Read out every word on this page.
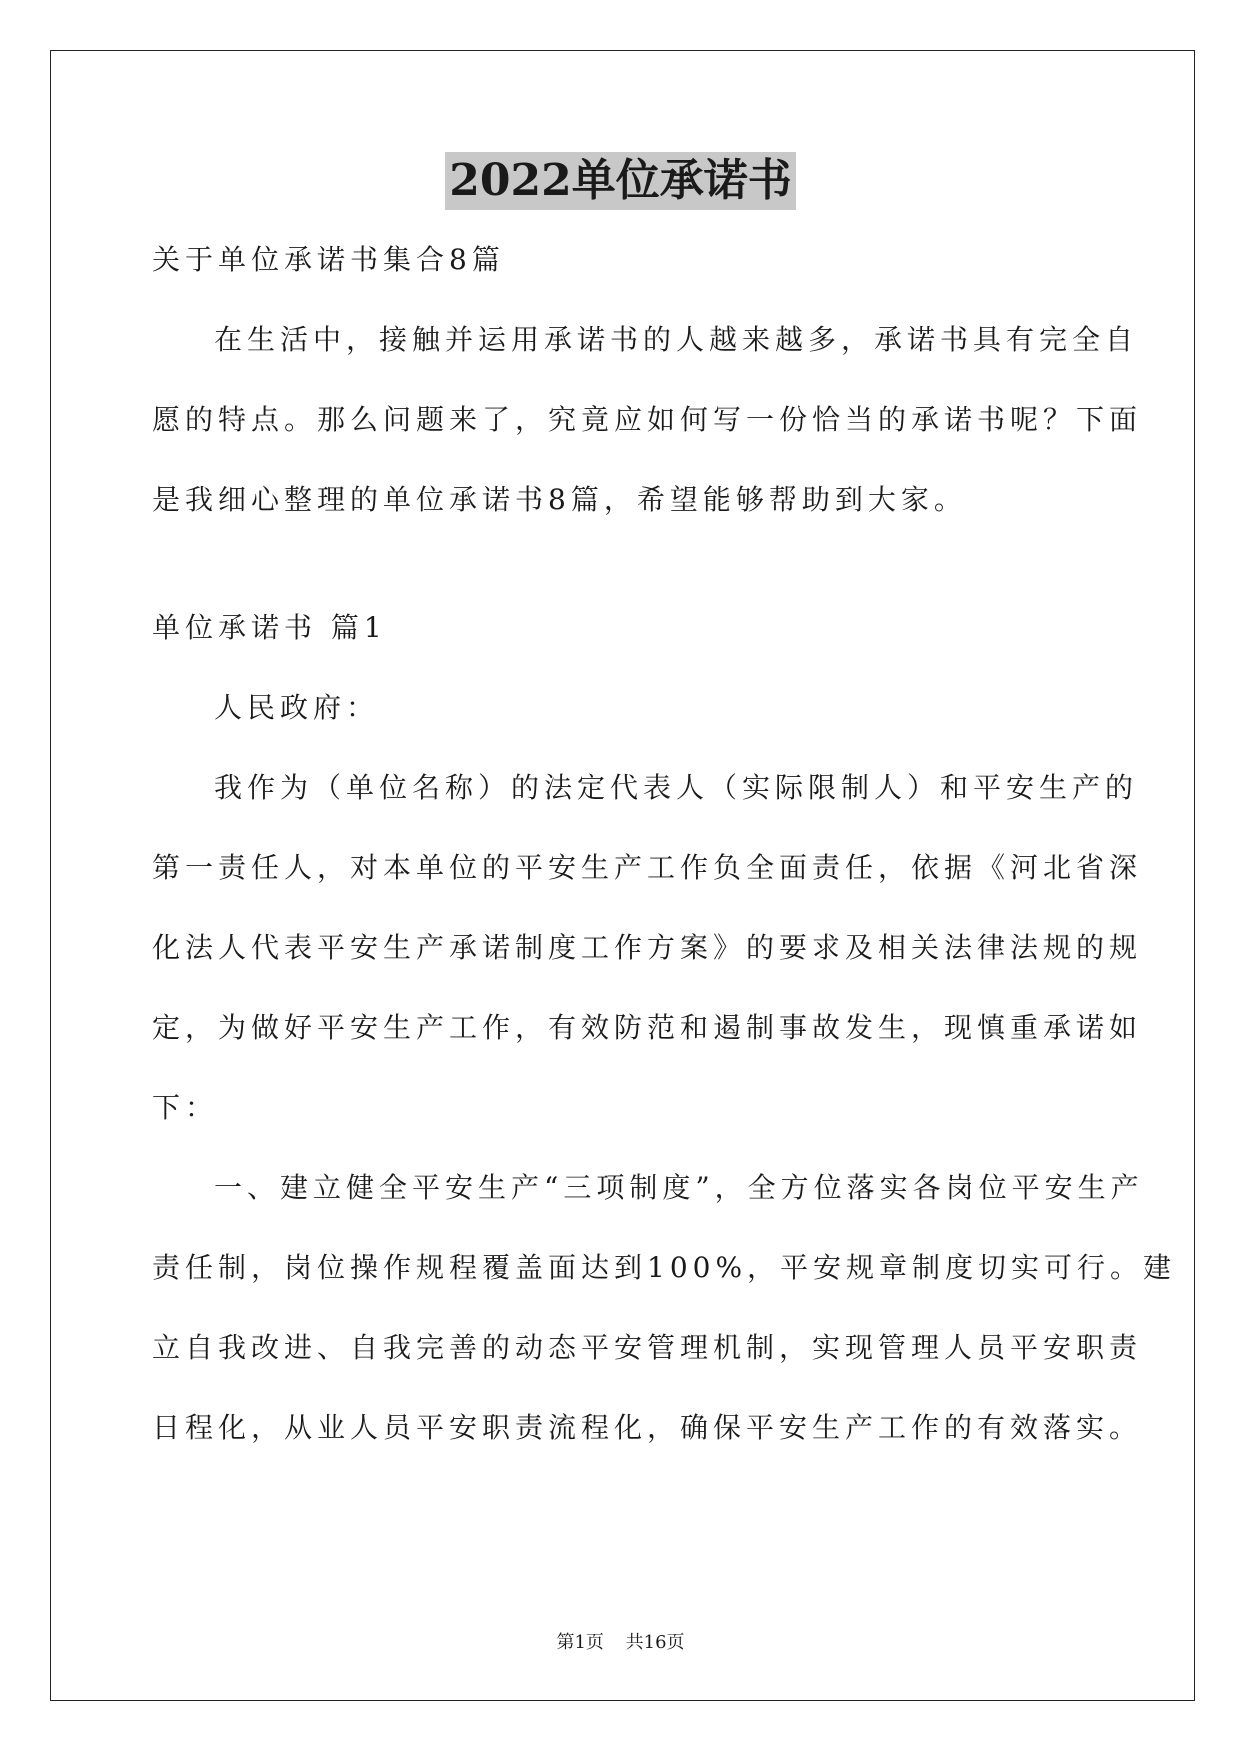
2022单位承诺书
关于单位承诺书集合8篇
在生活中，接触并运用承诺书的人越来越多，承诺书具有完全自
愿的特点。那么问题来了，究竟应如何写一份恰当的承诺书呢？下面
是我细心整理的单位承诺书8篇，希望能够帮助到大家。
单位承诺书 篇1
人民政府：
我作为（单位名称）的法定代表人（实际限制人）和平安生产的
第一责任人，对本单位的平安生产工作负全面责任，依据《河北省深
化法人代表平安生产承诺制度工作方案》的要求及相关法律法规的规
定，为做好平安生产工作，有效防范和遏制事故发生，现慎重承诺如
下：
一、建立健全平安生产“三项制度”，全方位落实各岗位平安生产
责任制，岗位操作规程覆盖面达到100%，平安规章制度切实可行。建
立自我改进、自我完善的动态平安管理机制，实现管理人员平安职责
日程化，从业人员平安职责流程化，确保平安生产工作的有效落实。
第1页 共16页
